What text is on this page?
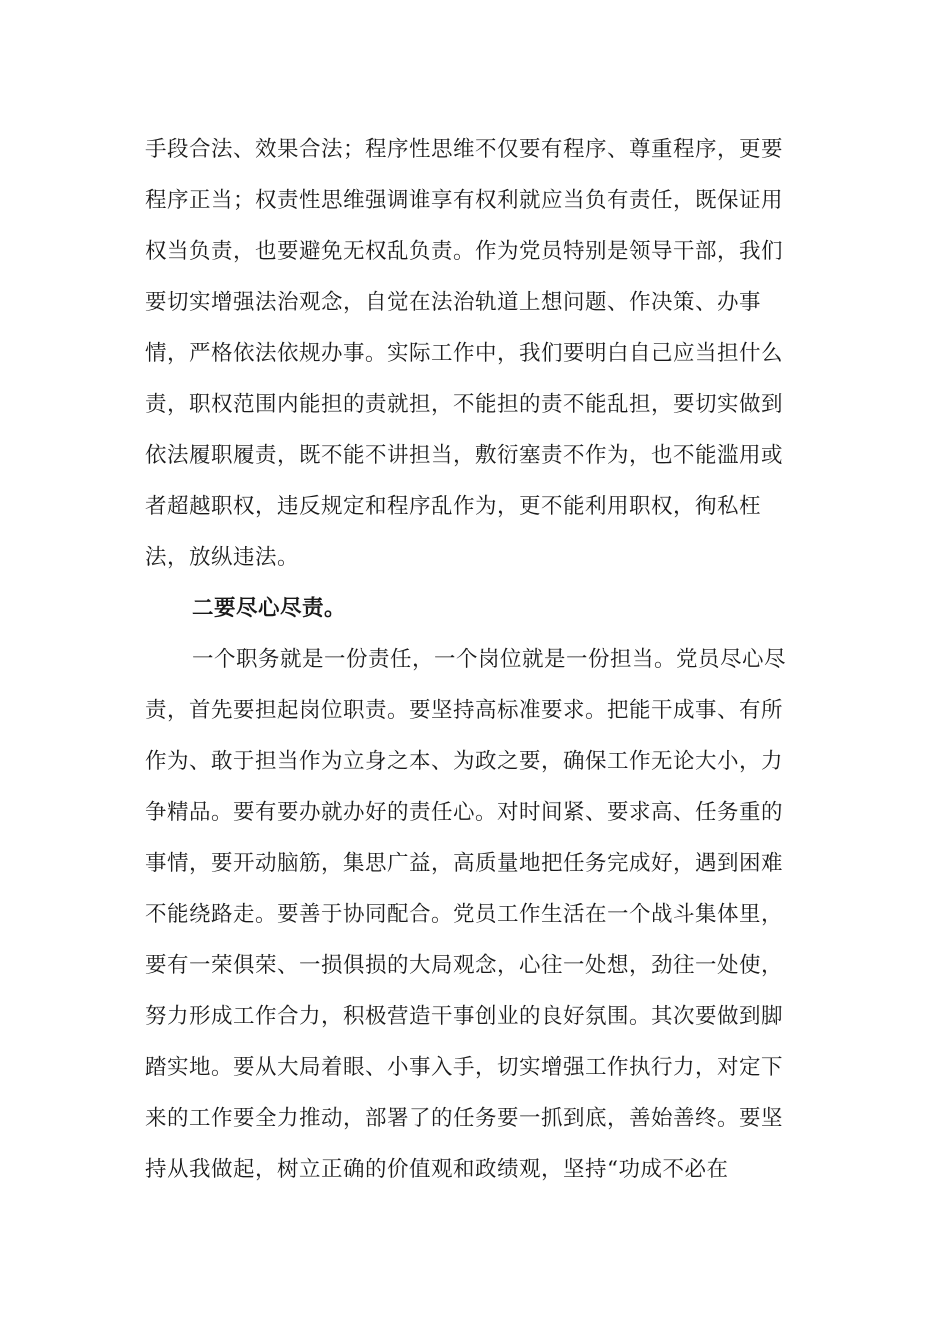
手段合法、效果合法；程序性思维不仅要有程序、尊重程序，更要
程序正当；权责性思维强调谁享有权利就应当负有责任，既保证用
权当负责，也要避免无权乱负责。作为党员特别是领导干部，我们
要切实增强法治观念，自觉在法治轨道上想问题、作决策、办事
情，严格依法依规办事。实际工作中，我们要明白自己应当担什么
责，职权范围内能担的责就担，不能担的责不能乱担，要切实做到
依法履职履责，既不能不讲担当，敷衍塞责不作为，也不能滥用或
者超越职权，违反规定和程序乱作为，更不能利用职权，徇私枉
法，放纵违法。
二要尽心尽责。
一个职务就是一份责任，一个岗位就是一份担当。党员尽心尽
责，首先要担起岗位职责。要坚持高标准要求。把能干成事、有所
作为、敢于担当作为立身之本、为政之要，确保工作无论大小，力
争精品。要有要办就办好的责任心。对时间紧、要求高、任务重的
事情，要开动脑筋，集思广益，高质量地把任务完成好，遇到困难
不能绕路走。要善于协同配合。党员工作生活在一个战斗集体里，
要有一荣俱荣、一损俱损的大局观念，心往一处想，劲往一处使，
努力形成工作合力，积极营造干事创业的良好氛围。其次要做到脚
踏实地。要从大局着眼、小事入手，切实增强工作执行力，对定下
来的工作要全力推动，部署了的任务要一抓到底，善始善终。要坚
持从我做起，树立正确的价值观和政绩观，坚持“功成不必在
